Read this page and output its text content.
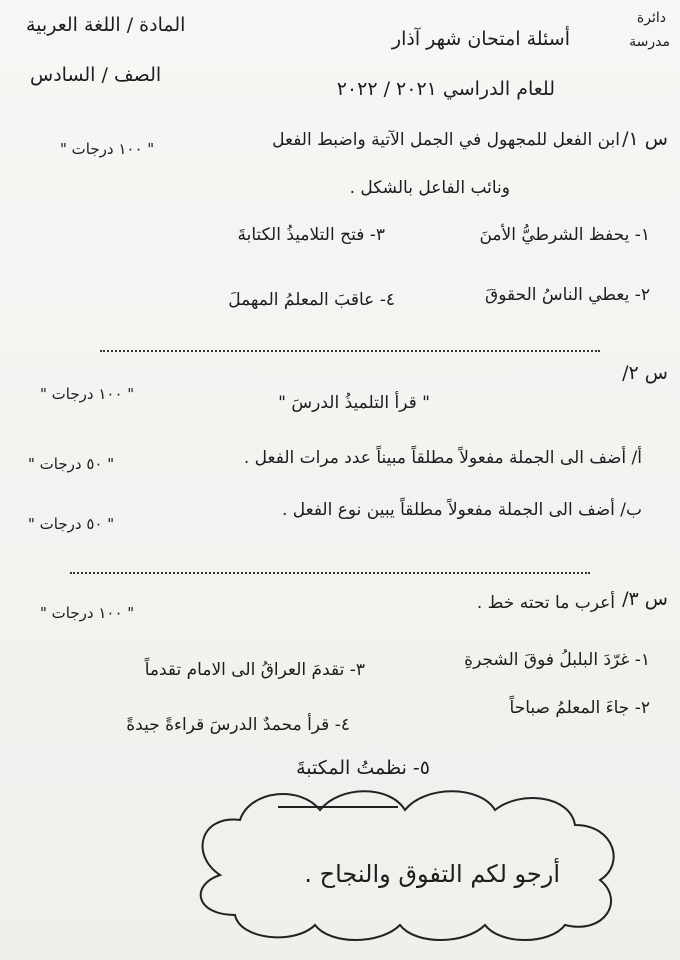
دائرة
مدرسة
أسئلة امتحان شهر آذار
للعام الدراسي ٢٠٢١ / ٢٠٢٢
المادة / اللغة العربية
الصف / السادس
س ١/
ابن الفعل للمجهول في الجمل الآتية واضبط الفعل
ونائب الفاعل بالشكل .
" ١٠٠ درجات "
١- يحفظ الشرطيُّ الأمنَ
٣- فتح التلاميذُ الكتابةَ
٢- يعطي الناسُ الحقوقَ
٤- عاقبَ المعلمُ المهملَ
س ٢/
" ١٠٠ درجات "	" قرأ التلميذُ الدرسَ "
أ/ أضف الى الجملة مفعولاً مطلقاً مبيناً عدد مرات الفعل .
" ٥٠ درجات "
ب/ أضف الى الجملة مفعولاً مطلقاً يبين نوع الفعل .
" ٥٠ درجات "
س ٣/
أعرب ما تحته خط .
" ١٠٠ درجات "
١- غرّدَ البلبلُ فوقَ الشجرةِ
٣- تقدمَ العراقُ الى الامام تقدماً
٢- جاءَ المعلمُ صباحاً
٤- قرأ محمدٌ الدرسَ قراءةً جيدةً
٥- نظمتُ المكتبةَ
أرجو لكم التفوق والنجاح .
